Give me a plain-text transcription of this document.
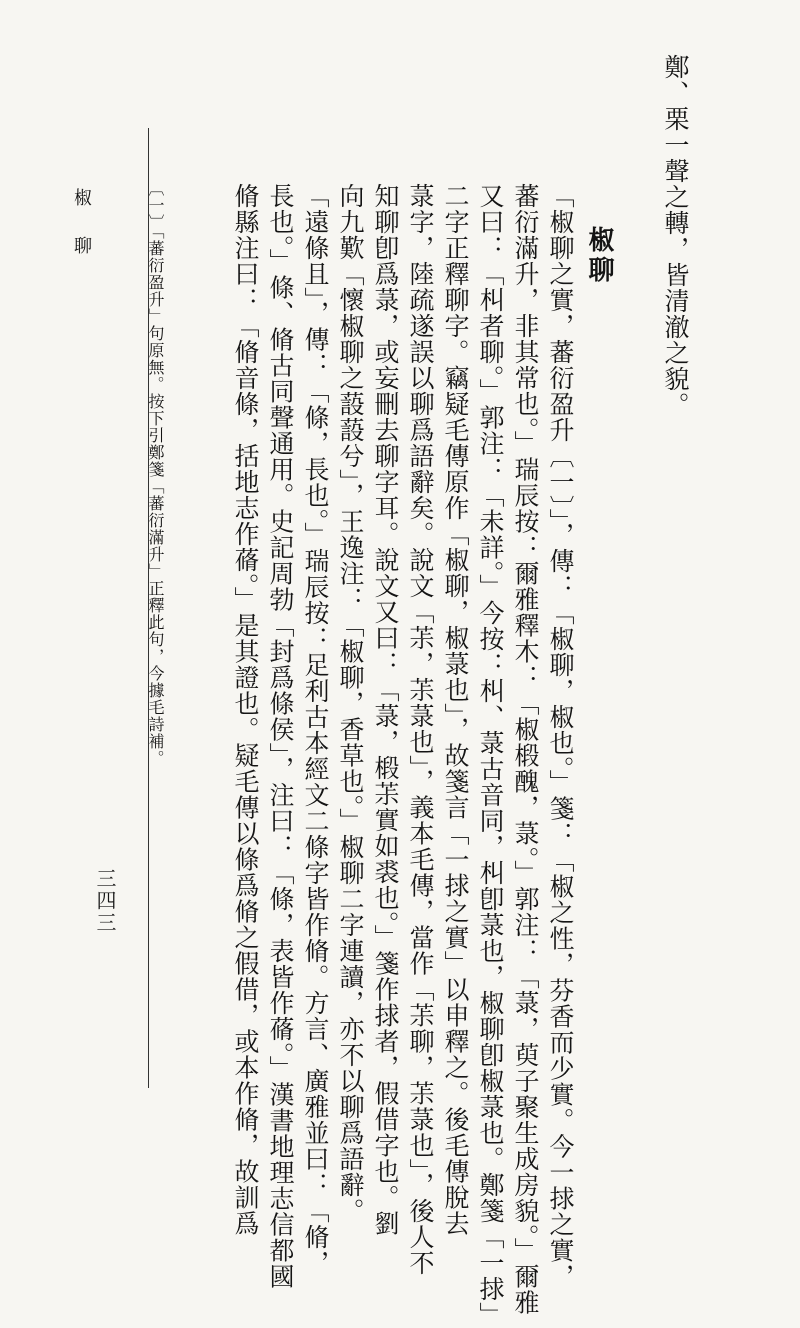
鄭、栗一聲之轉，皆清澈之貌。
椒聊
「椒聊之實，蕃衍盈升〔一〕」，傳：「椒聊，椒也。」箋：「椒之性，芬香而少實。今一捄之實，
蕃衍滿升，非其常也。」瑞辰按：爾雅釋木：「椒椴醜，菉。」郭注：「菉，萸子聚生成房貌。」爾雅
又曰：「朻者聊。」郭注：「未詳。」今按：朻、菉古音同，朻卽菉也，椒聊卽椒菉也。鄭箋「一捄」
二字正釋聊字。竊疑毛傳原作「椒聊，椒菉也」，故箋言「一捄之實」以申釋之。後毛傳脫去
菉字，陸疏遂誤以聊爲語辭矣。說文「茮，茮菉也」，義本毛傳，當作「茮聊，茮菉也」，後人不
知聊卽爲菉，或妄刪去聊字耳。說文又曰：「菉，椴茮實如裘也。」箋作捄者，假借字也。劉
向九歎「懷椒聊之蔎蔎兮」，王逸注：「椒聊，香草也。」椒聊二字連讀，亦不以聊爲語辭。
「遠條且」，傳：「條，長也。」瑞辰按：足利古本經文二條字皆作脩。方言、廣雅並曰：「脩，
長也。」條、脩古同聲通用。史記周勃「封爲條侯」，注曰：「條，表皆作蓨。」漢書地理志信都國
脩縣注曰：「脩音條，括地志作蓨。」是其證也。疑毛傳以條爲脩之假借，或本作脩，故訓爲
〔一〕「蕃衍盈升」句原無。按下引鄭箋「蕃衍滿升」正釋此句，今據毛詩補。
椒聊
三四三
